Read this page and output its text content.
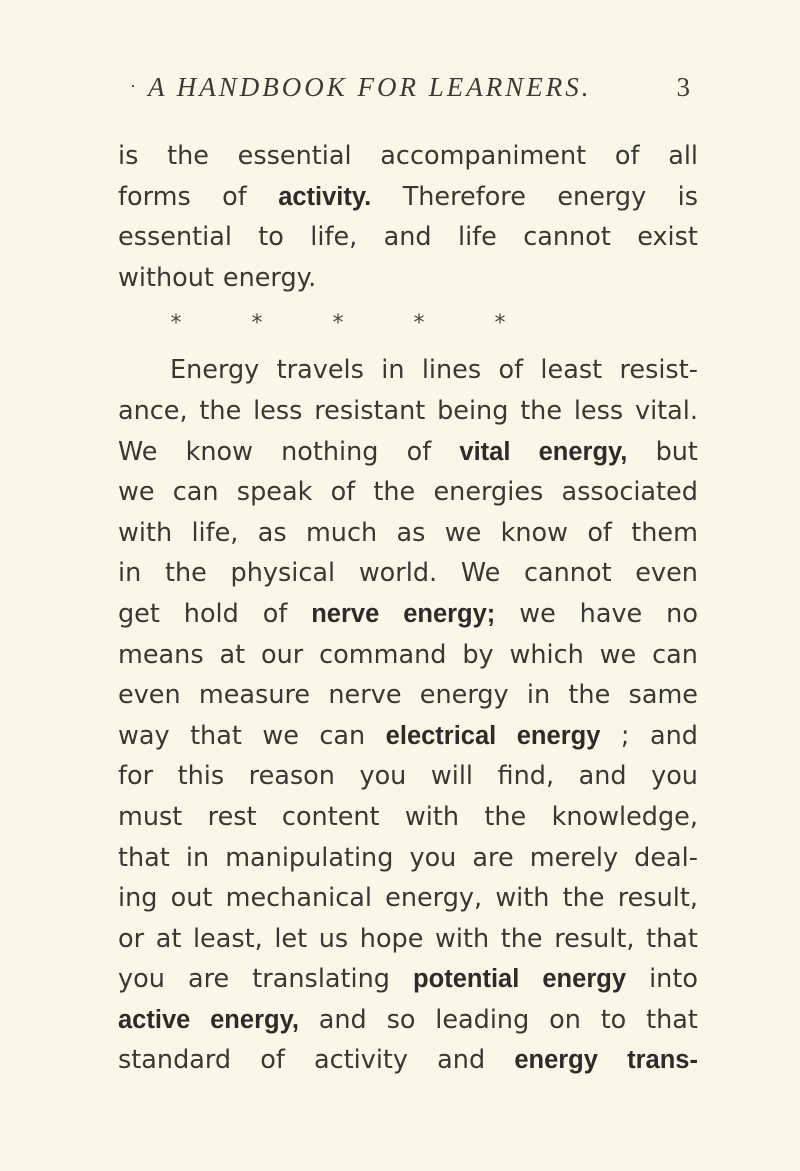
· A HANDBOOK FOR LEARNERS.	3
is the essential accompaniment of all
forms of activity. Therefore energy is
essential to life, and life cannot exist
without energy.
*	*	*	*	*
Energy travels in lines of least resist-
ance, the less resistant being the less vital.
We know nothing of vital energy, but
we can speak of the energies associated
with life, as much as we know of them
in the physical world. We cannot even
get hold of nerve energy; we have no
means at our command by which we can
even measure nerve energy in the same
way that we can electrical energy ; and
for this reason you will find, and you
must rest content with the knowledge,
that in manipulating you are merely deal-
ing out mechanical energy, with the result,
or at least, let us hope with the result, that
you are translating potential energy into
active energy, and so leading on to that
standard of activity and energy trans-
